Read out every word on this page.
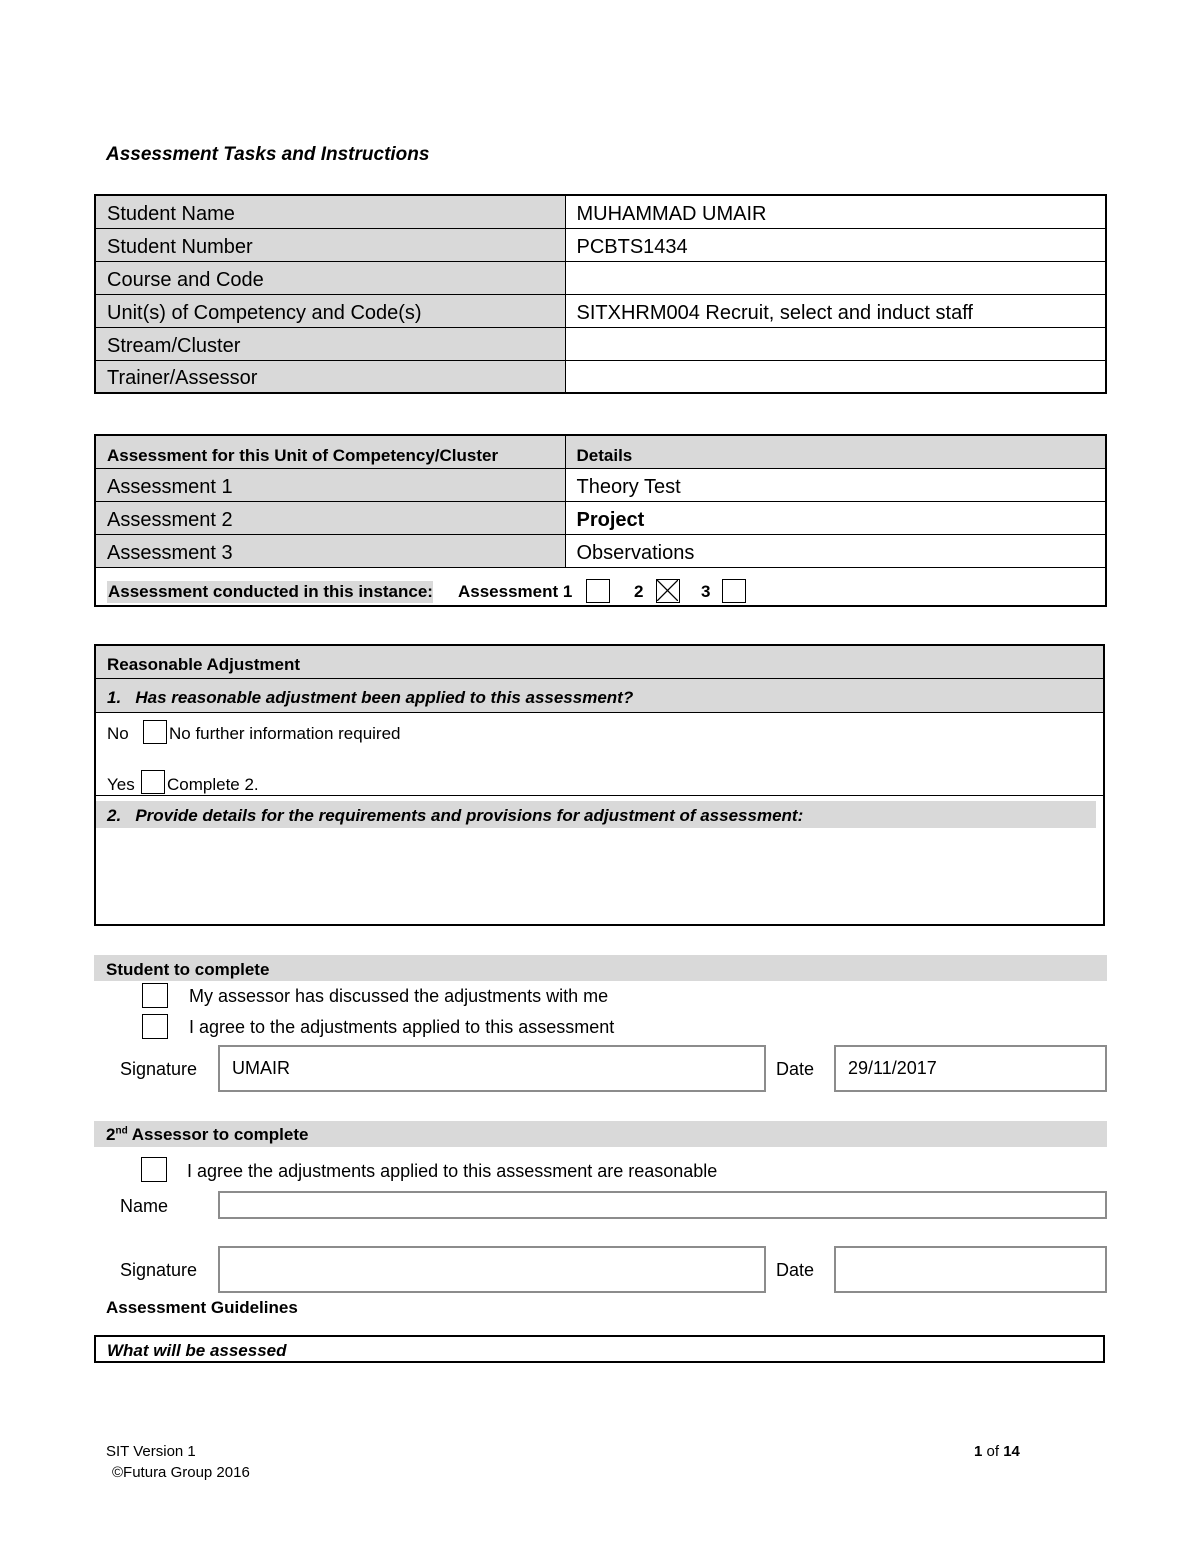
Assessment Tasks and Instructions
Student Name	MUHAMMAD UMAIR
Student Number	PCBTS1434
Course and Code	
Unit(s) of Competency and Code(s)	SITXHRM004 Recruit, select and induct staff
Stream/Cluster	
Trainer/Assessor	
Assessment for this Unit of Competency/Cluster	Details
Assessment 1	Theory Test
Assessment 2	Project
Assessment 3	Observations

Assessment conducted in this instance: Assessment 1 2 3	
Reasonable Adjustment
1.   Has reasonable adjustment been applied to this assessment?
No No further information required
Yes Complete 2.
2.   Provide details for the requirements and provisions for adjustment of assessment:
Student to complete
My assessor has discussed the adjustments with me
I agree to the adjustments applied to this assessment
Signature	UMAIR	Date	29/11/2017
2nd Assessor to complete
I agree the adjustments applied to this assessment are reasonable
Name
Signature	Date
Assessment Guidelines
What will be assessed
SIT Version 1
©Futura Group 2016
1 of 14
